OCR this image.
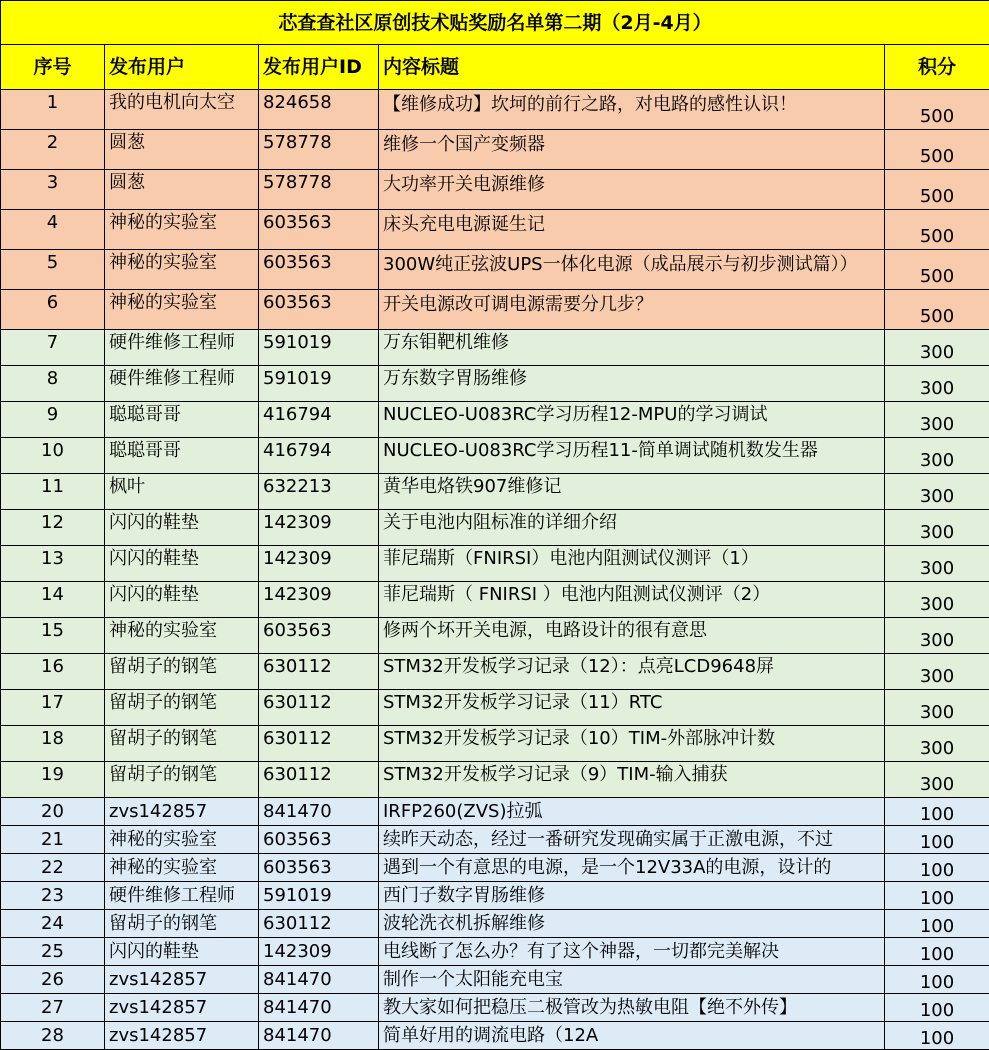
芯查查社区原创技术贴奖励名单第二期（2月-4月）				
序号	发布用户	发布用户ID	内容标题	积分
1	我的电机向太空	824658	【维修成功】坎坷的前行之路，对电路的感性认识！	500
2	圆葱	578778	维修一个国产变频器	500
3	圆葱	578778	大功率开关电源维修	500
4	神秘的实验室	603563	床头充电电源诞生记	500
5	神秘的实验室	603563	300W纯正弦波UPS一体化电源（成品展示与初步测试篇））	500
6	神秘的实验室	603563	开关电源改可调电源需要分几步？	500
7	硬件维修工程师	591019	万东钼靶机维修	300
8	硬件维修工程师	591019	万东数字胃肠维修	300
9	聪聪哥哥	416794	NUCLEO-U083RC学习历程12-MPU的学习调试	300
10	聪聪哥哥	416794	NUCLEO-U083RC学习历程11-简单调试随机数发生器	300
11	枫叶	632213	黄华电烙铁907维修记	300
12	闪闪的鞋垫	142309	关于电池内阻标准的详细介绍	300
13	闪闪的鞋垫	142309	菲尼瑞斯（FNIRSI）电池内阻测试仪测评（1）	300
14	闪闪的鞋垫	142309	菲尼瑞斯（ FNIRSI ）电池内阻测试仪测评（2）	300
15	神秘的实验室	603563	修两个坏开关电源，电路设计的很有意思	300
16	留胡子的钢笔	630112	STM32开发板学习记录（12）：点亮LCD9648屏	300
17	留胡子的钢笔	630112	STM32开发板学习记录（11）RTC	300
18	留胡子的钢笔	630112	STM32开发板学习记录（10）TIM-外部脉冲计数	300
19	留胡子的钢笔	630112	STM32开发板学习记录（9）TIM-输入捕获	300
20	zvs142857	841470	IRFP260(ZVS)拉弧	100
21	神秘的实验室	603563	续昨天动态，经过一番研究发现确实属于正激电源，不过	100
22	神秘的实验室	603563	遇到一个有意思的电源，是一个12V33A的电源，设计的	100
23	硬件维修工程师	591019	西门子数字胃肠维修	100
24	留胡子的钢笔	630112	波轮洗衣机拆解维修	100
25	闪闪的鞋垫	142309	电线断了怎么办？有了这个神器，一切都完美解决	100
26	zvs142857	841470	制作一个太阳能充电宝	100
27	zvs142857	841470	教大家如何把稳压二极管改为热敏电阻【绝不外传】	100
28	zvs142857	841470	简单好用的调流电路（12A	100
